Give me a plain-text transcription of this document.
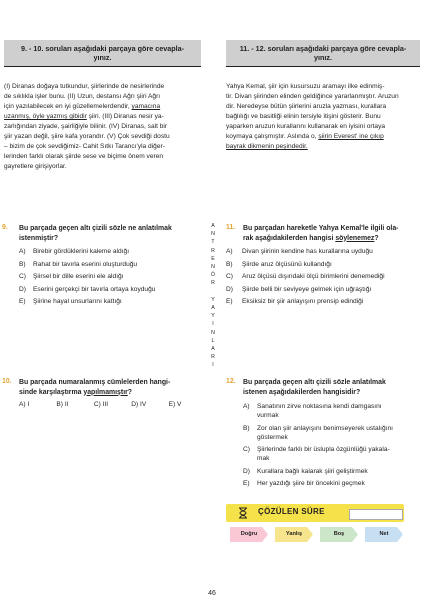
9. - 10. soruları aşağıdaki parçaya göre cevapla-
yınız.
11. - 12. soruları aşağıdaki parçaya göre cevapla-
yınız.

(I) Diranas doğaya tutkundur, şiirlerinde de nesirlerinde

de sıklıkla işler bunu. (II) Uzun, destansı Ağrı şiiri Ağrı

için yazılabilecek en iyi güzellemelerdendir, yamacına

uzanmış, öyle yazmış gibidir şiiri. (III) Diranas nesir ya-

zarlığından ziyade, şairliğiyle bilinir. (IV) Diranas, salt bir

şiir yazan değil, şiire kafa yorandır. (V) Çok sevdiği dostu

– bizim de çok sevdiğimiz- Cahit Sıtkı Tarancı'yla diğer-

lerinden farklı olarak şiirde sese ve biçime önem veren

gayretlere girişiyorlar.

Yahya Kemal, şiir için kusursuzu aramayı ilke edinmiş-

tir. Divan şiirinden elinden geldiğince yararlanmıştır. Aruzun

dir. Neredeyse bütün şiirlerini aruzla yazması, kurallara

bağlılığı ve basitliği elinin tersiyle itişini gösterir. Bunu

yaparken aruzun kurallarını kullanarak en iyisini ortaya

koymaya çalışmıştır. Aslında o, şiirin Everest' ine çıkıp

bayrak dikmenin peşindedir.

A
N
T
R
E
N
Ö
R
Y
A
Y
I
N
L
A
R
I
9. Bu parçada geçen altı çizili sözle ne anlatılmak
istenmiştir?
A)	Birebir gördüklerini kaleme aldığı
B)	Rahat bir tavırla eserini oluşturduğu
C)	Şiirsel bir dille eserini ele aldığı
D)	Eserini gerçekçi bir tavırla ortaya koyduğu
E)	Şiirine hayal unsurlarını kattığı
10. Bu parçada numaralanmış cümlelerden hangi-
sinde karşılaştırma yapılmamıştır?
A) I	B) II	C) III	D) IV	E) V
11. Bu parçadan hareketle Yahya Kemal'le ilgili ola-
rak aşağıdakilerden hangisi söylenemez?
A)	Divan şiirinin kendine has kurallarına uyduğu
B)	Şiirde aruz ölçüsünü kullandığı
C)	Aruz ölçüsü dışındaki ölçü birimlerini denemediği
D)	Şiirde belli bir seviyeye gelmek için uğraştığı
E)	Eksiksiz bir şiir anlayışını prensip edindiği
12. Bu parçada geçen altı çizili sözle anlatılmak
istenen aşağıdakilerden hangisidir?
A)	Sanatının zirve noktasına kendi damgasını
vurmak
B)	Zor olan şiir anlayışını benimseyerek ustalığını
göstermek
C)	Şiirlerinde farklı bir üslupla özgünlüğü yakala-
mak
D)	Kurallara bağlı kalarak şiiri geliştirmek
E)	Her yazdığı şiire bir öncekini geçmek
ÇÖZÜLEN SÜRE
Doğru	Yanlış	Boş	Net
46
